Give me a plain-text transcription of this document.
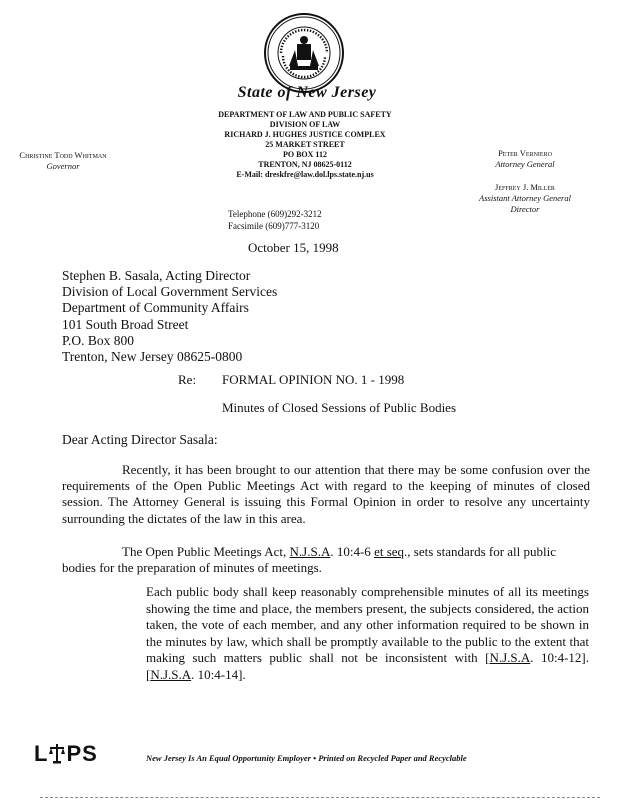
State of New Jersey
DEPARTMENT OF LAW AND PUBLIC SAFETY
DIVISION OF LAW
RICHARD J. HUGHES JUSTICE COMPLEX
25 MARKET STREET
PO BOX 112
TRENTON, NJ 08625-0112
E-Mail: dreskfre@law.dol.lps.state.nj.us
Christine Todd Whitman
Governor
Peter Verniero
Attorney General
Jeffrey J. Miller
Assistant Attorney General
Director
Telephone (609)292-3212
Facsimile (609)777-3120
October 15, 1998
Stephen B. Sasala, Acting Director
Division of Local Government Services
Department of Community Affairs
101 South Broad Street
P.O. Box 800
Trenton, New Jersey 08625-0800
Re: FORMAL OPINION NO. 1 - 1998
Minutes of Closed Sessions of Public Bodies
Dear Acting Director Sasala:
Recently, it has been brought to our attention that there may be some confusion over the requirements of the Open Public Meetings Act with regard to the keeping of minutes of closed session. The Attorney General is issuing this Formal Opinion in order to resolve any uncertainty surrounding the dictates of the law in this area.
The Open Public Meetings Act, N.J.S.A. 10:4-6 et seq., sets standards for all public bodies for the preparation of minutes of meetings.
Each public body shall keep reasonably comprehensible minutes of all its meetings showing the time and place, the members present, the subjects considered, the action taken, the vote of each member, and any other information required to be shown in the minutes by law, which shall be promptly available to the public to the extent that making such matters public shall not be inconsistent with [N.J.S.A. 10:4-12]. [N.J.S.A. 10:4-14].
L PS	New Jersey Is An Equal Opportunity Employer • Printed on Recycled Paper and Recyclable
